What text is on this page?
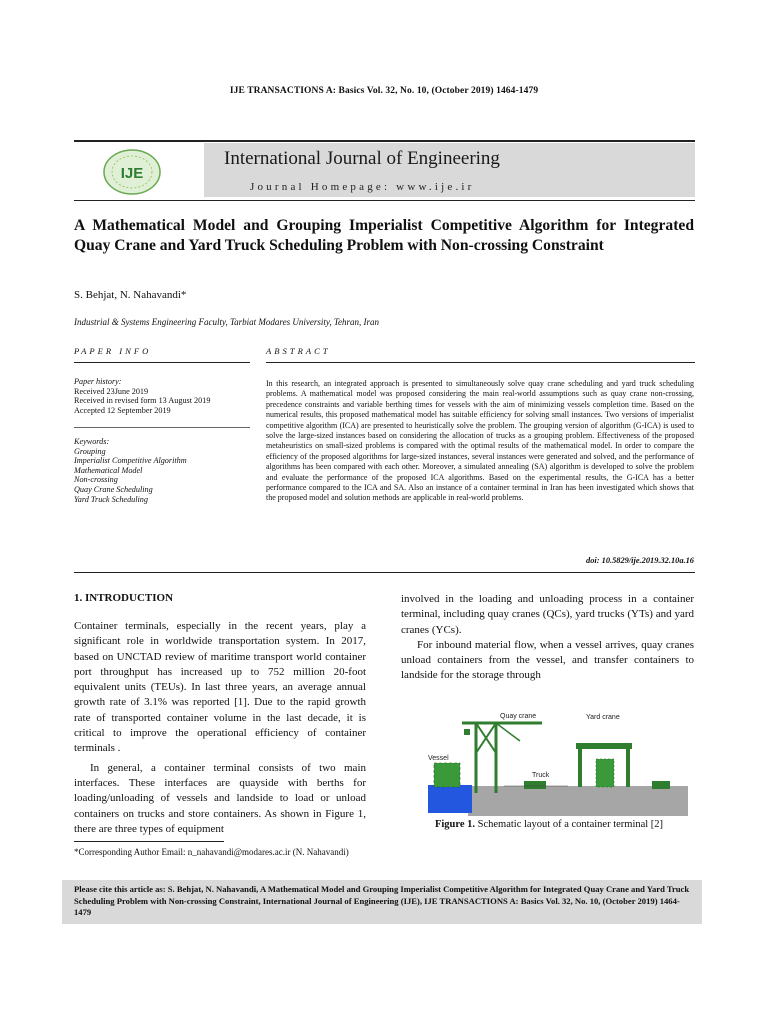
IJE TRANSACTIONS A: Basics Vol. 32, No. 10, (October 2019) 1464-1479
IJE
International Journal of Engineering
Journal Homepage: www.ije.ir
A Mathematical Model and Grouping Imperialist Competitive Algorithm for Integrated Quay Crane and Yard Truck Scheduling Problem with Non-crossing Constraint
S. Behjat, N. Nahavandi*
Industrial & Systems Engineering Faculty, Tarbiat Modares University, Tehran, Iran
PAPER INFO	ABSTRACT
Paper history:
Received 23June 2019
Received in revised form 13 August 2019
Accepted 12 September 2019
Keywords:
Grouping
Imperialist Competitive Algorithm
Mathematical Model
Non-crossing
Quay Crane Scheduling
Yard Truck Scheduling
In this research, an integrated approach is presented to simultaneously solve quay crane scheduling and yard truck scheduling problems. A mathematical model was proposed considering the main real-world assumptions such as quay crane non-crossing, precedence constraints and variable berthing times for vessels with the aim of minimizing vessels completion time. Based on the numerical results, this proposed mathematical model has suitable efficiency for solving small instances. Two versions of imperialist competitive algorithm (ICA) are presented to heuristically solve the problem. The grouping version of algorithm (G-ICA) is used to solve the large-sized instances based on considering the allocation of trucks as a grouping problem. Effectiveness of the proposed metaheuristics on small-sized problems is compared with the optimal results of the mathematical model. In order to compare the efficiency of the proposed algorithms for large-sized instances, several instances were generated and solved, and the performance of algorithms has been compared with each other. Moreover, a simulated annealing (SA) algorithm is developed to solve the problem and evaluate the performance of the proposed ICA algorithms. Based on the experimental results, the G-ICA has a better performance compared to the ICA and SA. Also an instance of a container terminal in Iran has been investigated which shows that the proposed model and solution methods are applicable in real-world problems.
doi: 10.5829/ije.2019.32.10a.16
1. INTRODUCTION

Container terminals, especially in the recent years, play a significant role in worldwide transportation system. In 2017, based on UNCTAD review of maritime transport world container port throughput has increased up to 752 million 20-foot equivalent units (TEUs). In last three years, an average annual growth rate of 3.1% was reported [1]. Due to the rapid growth rate of transported container volume in the last decade, it is critical to improve the operational efficiency of container terminals .

In general, a container terminal consists of two main interfaces. These interfaces are quayside with berths for loading/unloading of vessels and landside to load or unload containers on trucks and store containers. As shown in Figure 1, there are three types of equipment

involved in the loading and unloading process in a container terminal, including quay cranes (QCs), yard trucks (YTs) and yard cranes (YCs).

For inbound material flow, when a vessel arrives, quay cranes unload containers from the vessel, and transfer containers to landside for the storage through

Vessel
Quay crane
Truck
Yard crane
Figure 1. Schematic layout of a container terminal [2]
*Corresponding Author Email: n_nahavandi@modares.ac.ir (N. Nahavandi)
Please cite this article as: S. Behjat, N. Nahavandi, A Mathematical Model and Grouping Imperialist Competitive Algorithm for Integrated Quay Crane and Yard Truck Scheduling Problem with Non-crossing Constraint, International Journal of Engineering (IJE), IJE TRANSACTIONS A: Basics Vol. 32, No. 10, (October 2019) 1464-1479
